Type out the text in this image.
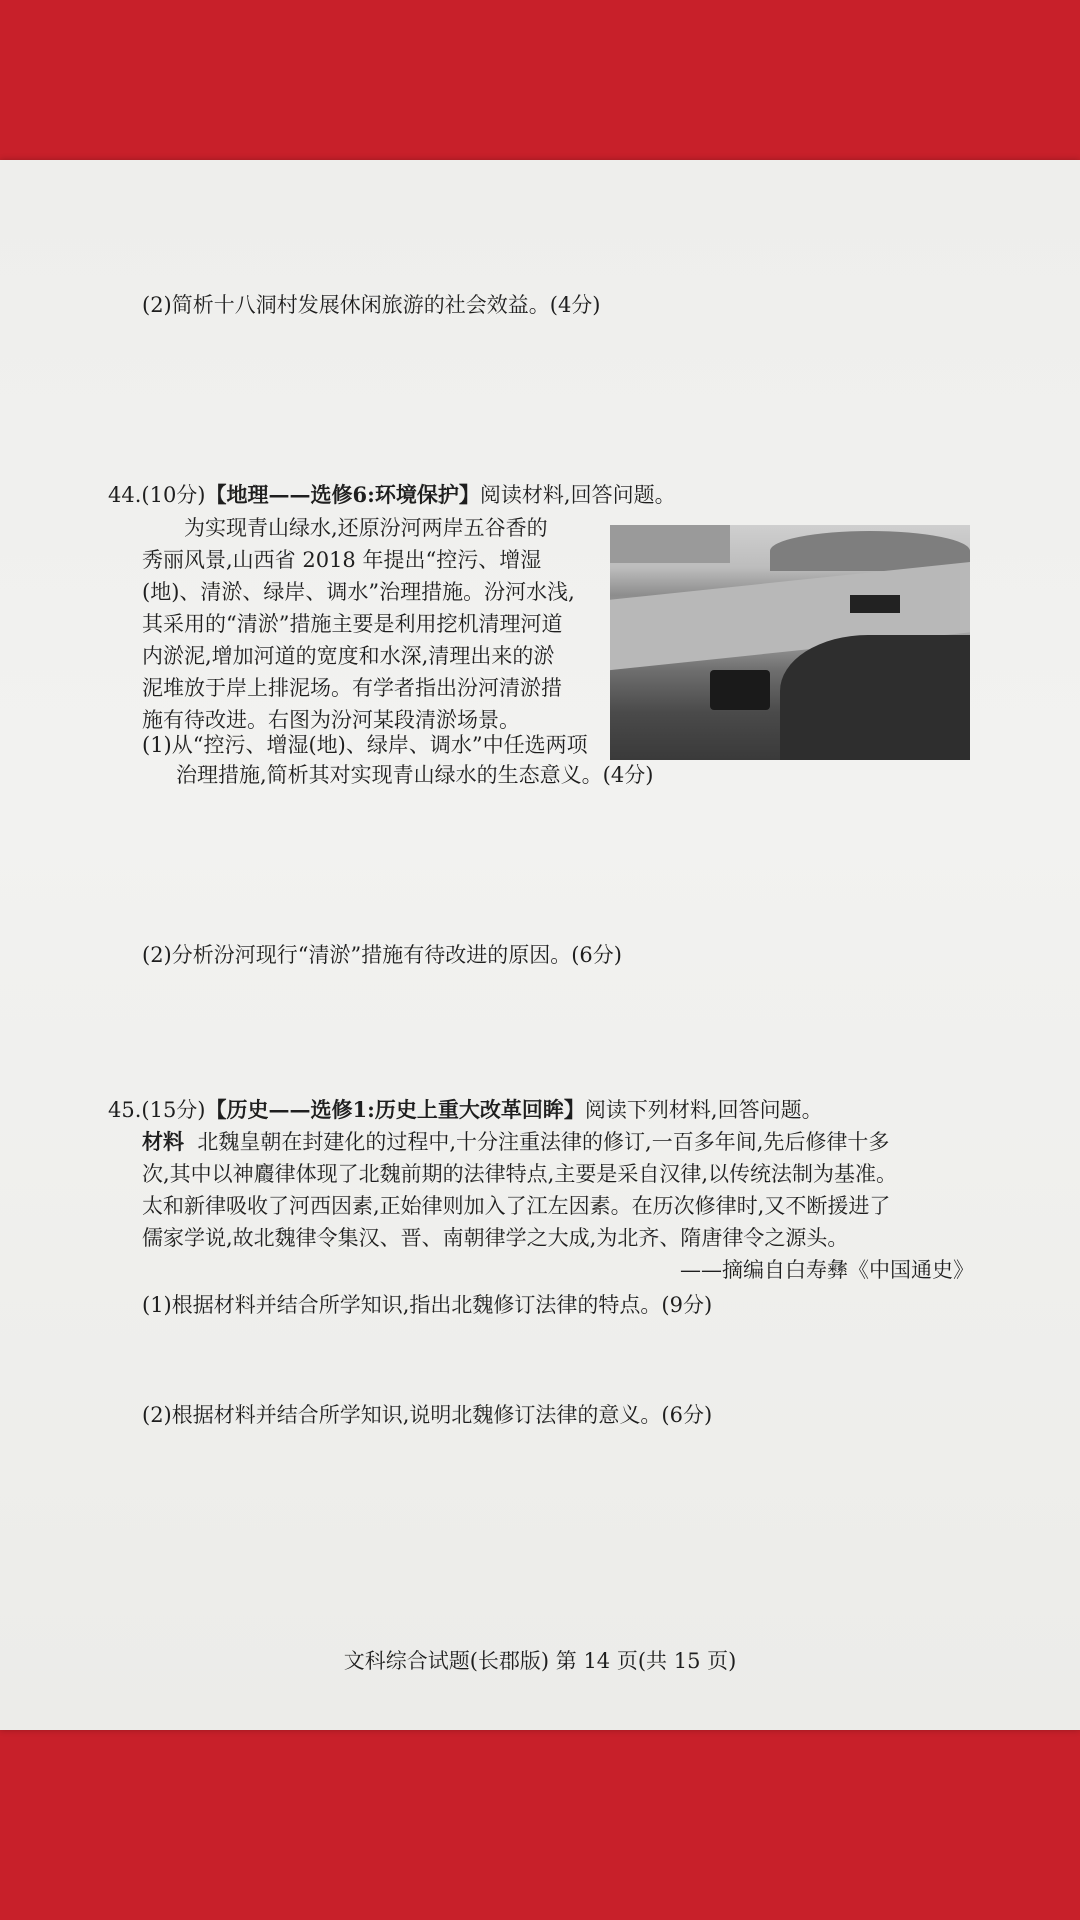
(2)简析十八洞村发展休闲旅游的社会效益。(4分)
44.(10分)【地理——选修6:环境保护】阅读材料,回答问题。
为实现青山绿水,还原汾河两岸五谷香的
秀丽风景,山西省 2018 年提出“控污、增湿
(地)、清淤、绿岸、调水”治理措施。汾河水浅,
其采用的“清淤”措施主要是利用挖机清理河道
内淤泥,增加河道的宽度和水深,清理出来的淤
泥堆放于岸上排泥场。有学者指出汾河清淤措
施有待改进。右图为汾河某段清淤场景。
(1)从“控污、增湿(地)、绿岸、调水”中任选两项
治理措施,简析其对实现青山绿水的生态意义。(4分)
(2)分析汾河现行“清淤”措施有待改进的原因。(6分)
45.(15分)【历史——选修1:历史上重大改革回眸】阅读下列材料,回答问题。
材料 北魏皇朝在封建化的过程中,十分注重法律的修订,一百多年间,先后修律十多
次,其中以神麚律体现了北魏前期的法律特点,主要是采自汉律,以传统法制为基准。
太和新律吸收了河西因素,正始律则加入了江左因素。在历次修律时,又不断援进了
儒家学说,故北魏律令集汉、晋、南朝律学之大成,为北齐、隋唐律令之源头。
——摘编自白寿彝《中国通史》
(1)根据材料并结合所学知识,指出北魏修订法律的特点。(9分)
(2)根据材料并结合所学知识,说明北魏修订法律的意义。(6分)
文科综合试题(长郡版) 第 14 页(共 15 页)
